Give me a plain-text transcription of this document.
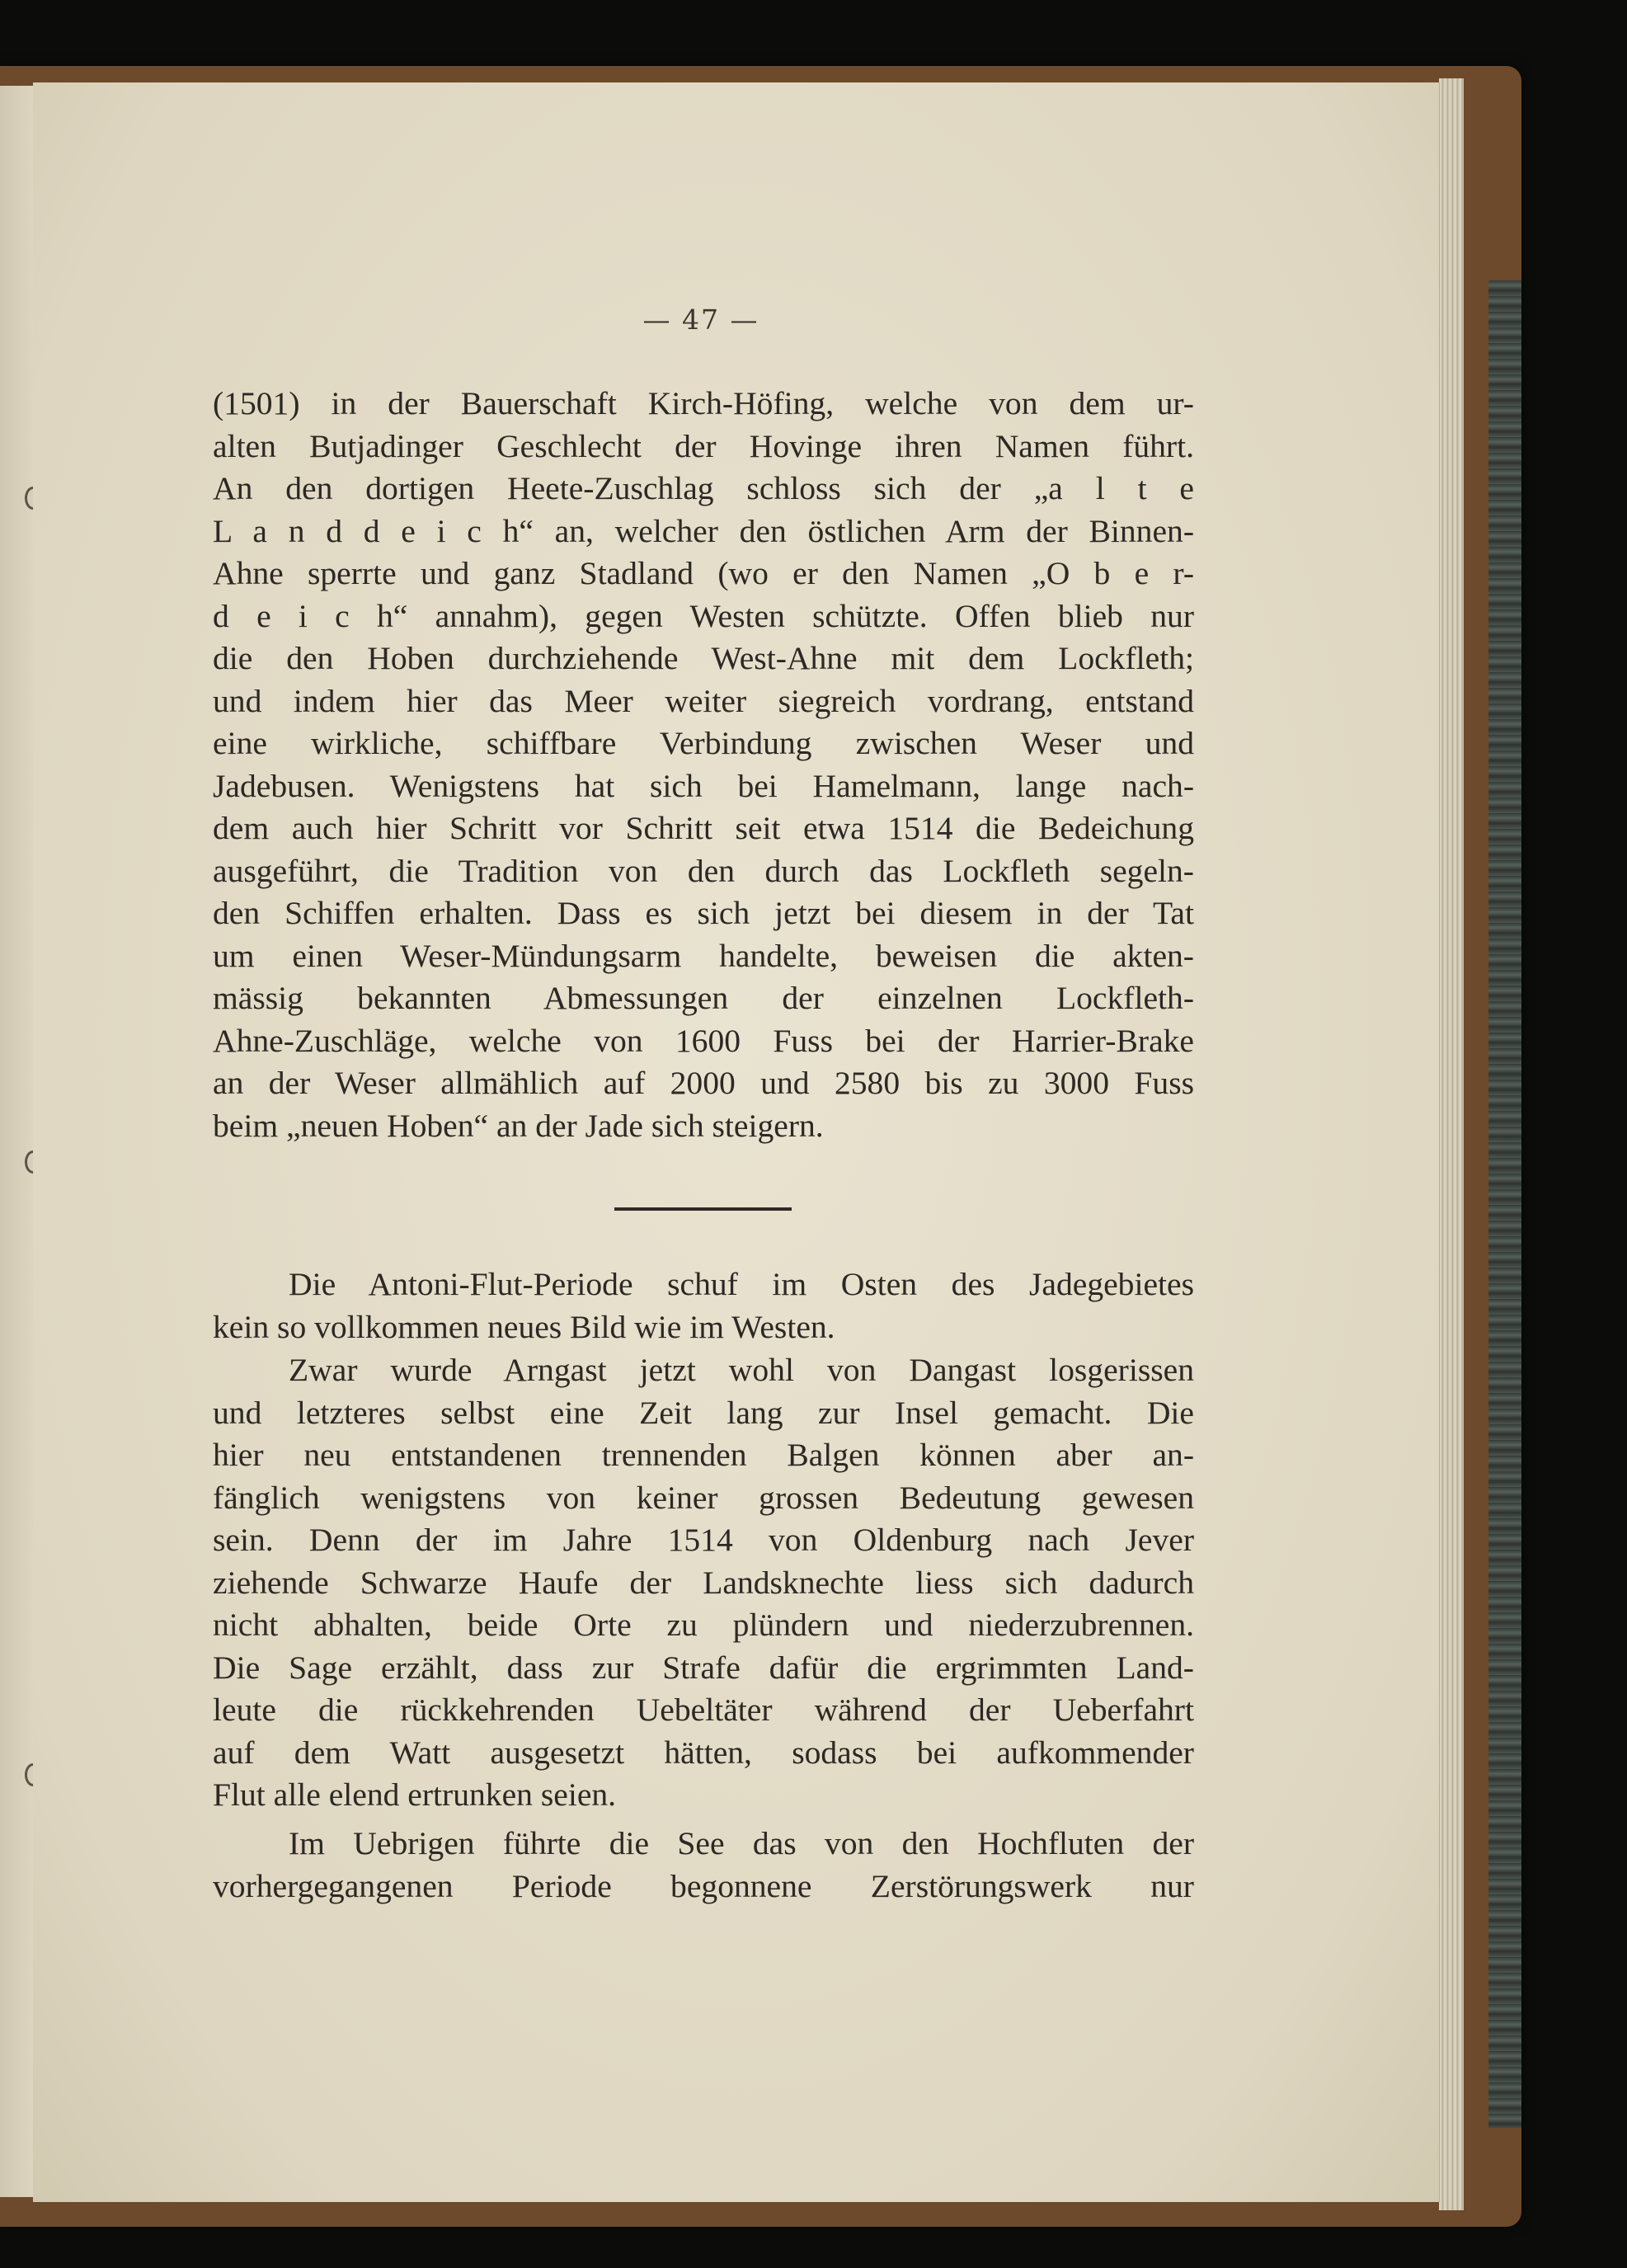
— 47 —
(1501) in der Bauerschaft Kirch-Höfing, welche von dem ur-
alten Butjadinger Geschlecht der Hovinge ihren Namen führt.
An den dortigen Heete-Zuschlag schloss sich der „a l t e
L a n d d e i c h“ an, welcher den östlichen Arm der Binnen-
Ahne sperrte und ganz Stadland (wo er den Namen „O b e r-
d e i c h“ annahm), gegen Westen schützte. Offen blieb nur
die den Hoben durchziehende West-Ahne mit dem Lockfleth;
und indem hier das Meer weiter siegreich vordrang, entstand
eine wirkliche, schiffbare Verbindung zwischen Weser und
Jadebusen. Wenigstens hat sich bei Hamelmann, lange nach-
dem auch hier Schritt vor Schritt seit etwa 1514 die Bedeichung
ausgeführt, die Tradition von den durch das Lockfleth segeln-
den Schiffen erhalten. Dass es sich jetzt bei diesem in der Tat
um einen Weser-Mündungsarm handelte, beweisen die akten-
mässig bekannten Abmessungen der einzelnen Lockfleth-
Ahne-Zuschläge, welche von 1600 Fuss bei der Harrier-Brake
an der Weser allmählich auf 2000 und 2580 bis zu 3000 Fuss
beim „neuen Hoben“ an der Jade sich steigern.
Die Antoni-Flut-Periode schuf im Osten des Jadegebietes
kein so vollkommen neues Bild wie im Westen.
Zwar wurde Arngast jetzt wohl von Dangast losgerissen
und letzteres selbst eine Zeit lang zur Insel gemacht. Die
hier neu entstandenen trennenden Balgen können aber an-
fänglich wenigstens von keiner grossen Bedeutung gewesen
sein. Denn der im Jahre 1514 von Oldenburg nach Jever
ziehende Schwarze Haufe der Landsknechte liess sich dadurch
nicht abhalten, beide Orte zu plündern und niederzubrennen.
Die Sage erzählt, dass zur Strafe dafür die ergrimmten Land-
leute die rückkehrenden Uebeltäter während der Ueberfahrt
auf dem Watt ausgesetzt hätten, sodass bei aufkommender
Flut alle elend ertrunken seien.
Im Uebrigen führte die See das von den Hochfluten der
vorhergegangenen Periode begonnene Zerstörungswerk nur
